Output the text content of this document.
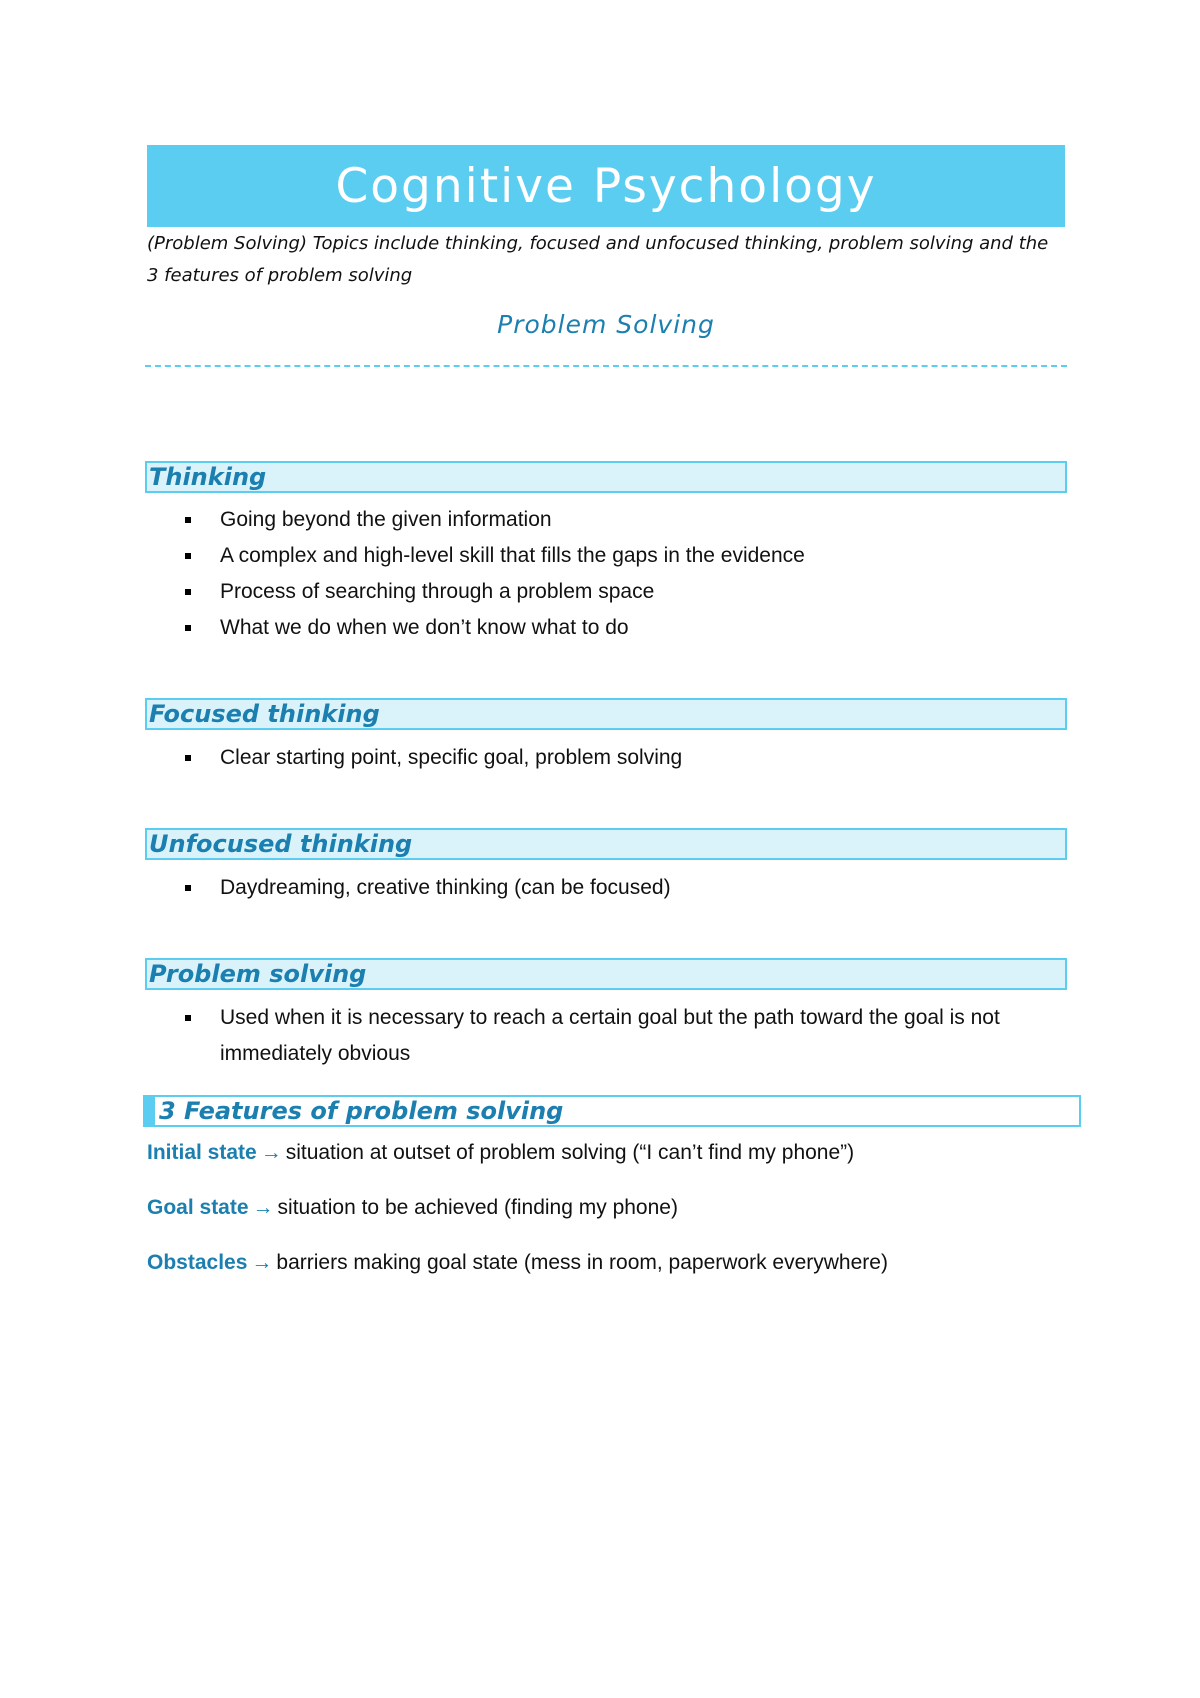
Cognitive Psychology
(Problem Solving) Topics include thinking, focused and unfocused thinking, problem solving and the 3 features of problem solving
Problem Solving
Thinking
Going beyond the given information
A complex and high-level skill that fills the gaps in the evidence
Process of searching through a problem space
What we do when we don’t know what to do
Focused thinking
Clear starting point, specific goal, problem solving
Unfocused thinking
Daydreaming, creative thinking (can be focused)
Problem solving
Used when it is necessary to reach a certain goal but the path toward the goal is not immediately obvious
3 Features of problem solving
Initial state → situation at outset of problem solving (“I can’t find my phone”)
Goal state → situation to be achieved (finding my phone)
Obstacles → barriers making goal state (mess in room, paperwork everywhere)
